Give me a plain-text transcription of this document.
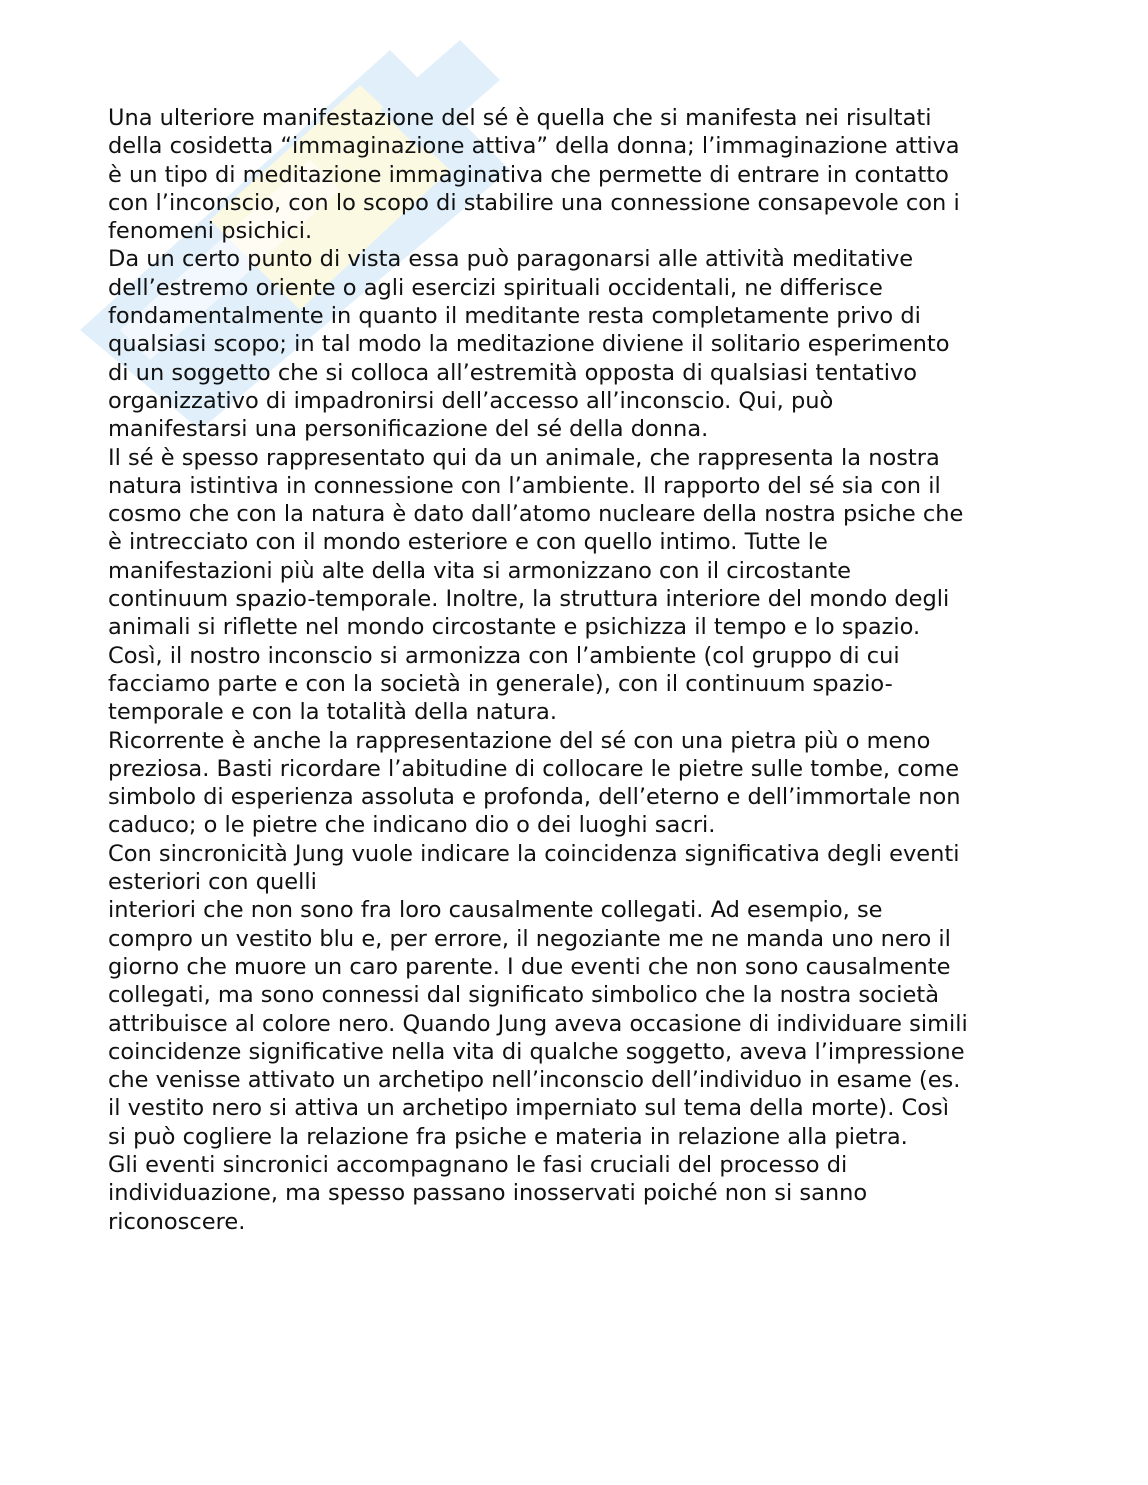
Una ulteriore manifestazione del sé è quella che si manifesta nei risultati
della cosidetta “immaginazione attiva” della donna; l’immaginazione attiva
è un tipo di meditazione immaginativa che permette di entrare in contatto
con l’inconscio, con lo scopo di stabilire una connessione consapevole con i
fenomeni psichici.
Da un certo punto di vista essa può paragonarsi alle attività meditative
dell’estremo oriente o agli esercizi spirituali occidentali, ne differisce
fondamentalmente in quanto il meditante resta completamente privo di
qualsiasi scopo; in tal modo la meditazione diviene il solitario esperimento
di un soggetto che si colloca all’estremità opposta di qualsiasi tentativo
organizzativo di impadronirsi dell’accesso all’inconscio. Qui, può
manifestarsi una personificazione del sé della donna.
Il sé è spesso rappresentato qui da un animale, che rappresenta la nostra
natura istintiva in connessione con l’ambiente. Il rapporto del sé sia con il
cosmo che con la natura è dato dall’atomo nucleare della nostra psiche che
è intrecciato con il mondo esteriore e con quello intimo. Tutte le
manifestazioni più alte della vita si armonizzano con il circostante
continuum spazio-temporale. Inoltre, la struttura interiore del mondo degli
animali si riflette nel mondo circostante e psichizza il tempo e lo spazio.
Così, il nostro inconscio si armonizza con l’ambiente (col gruppo di cui
facciamo parte e con la società in generale), con il continuum spazio-
temporale e con la totalità della natura.
Ricorrente è anche la rappresentazione del sé con una pietra più o meno
preziosa. Basti ricordare l’abitudine di collocare le pietre sulle tombe, come
simbolo di esperienza assoluta e profonda, dell’eterno e dell’immortale non
caduco; o le pietre che indicano dio o dei luoghi sacri.
Con sincronicità Jung vuole indicare la coincidenza significativa degli eventi
esteriori con quelli
interiori che non sono fra loro causalmente collegati. Ad esempio, se
compro un vestito blu e, per errore, il negoziante me ne manda uno nero il
giorno che muore un caro parente. I due eventi che non sono causalmente
collegati, ma sono connessi dal significato simbolico che la nostra società
attribuisce al colore nero. Quando Jung aveva occasione di individuare simili
coincidenze significative nella vita di qualche soggetto, aveva l’impressione
che venisse attivato un archetipo nell’inconscio dell’individuo in esame (es.
il vestito nero si attiva un archetipo imperniato sul tema della morte). Così
si può cogliere la relazione fra psiche e materia in relazione alla pietra.
Gli eventi sincronici accompagnano le fasi cruciali del processo di
individuazione, ma spesso passano inosservati poiché non si sanno
riconoscere.
